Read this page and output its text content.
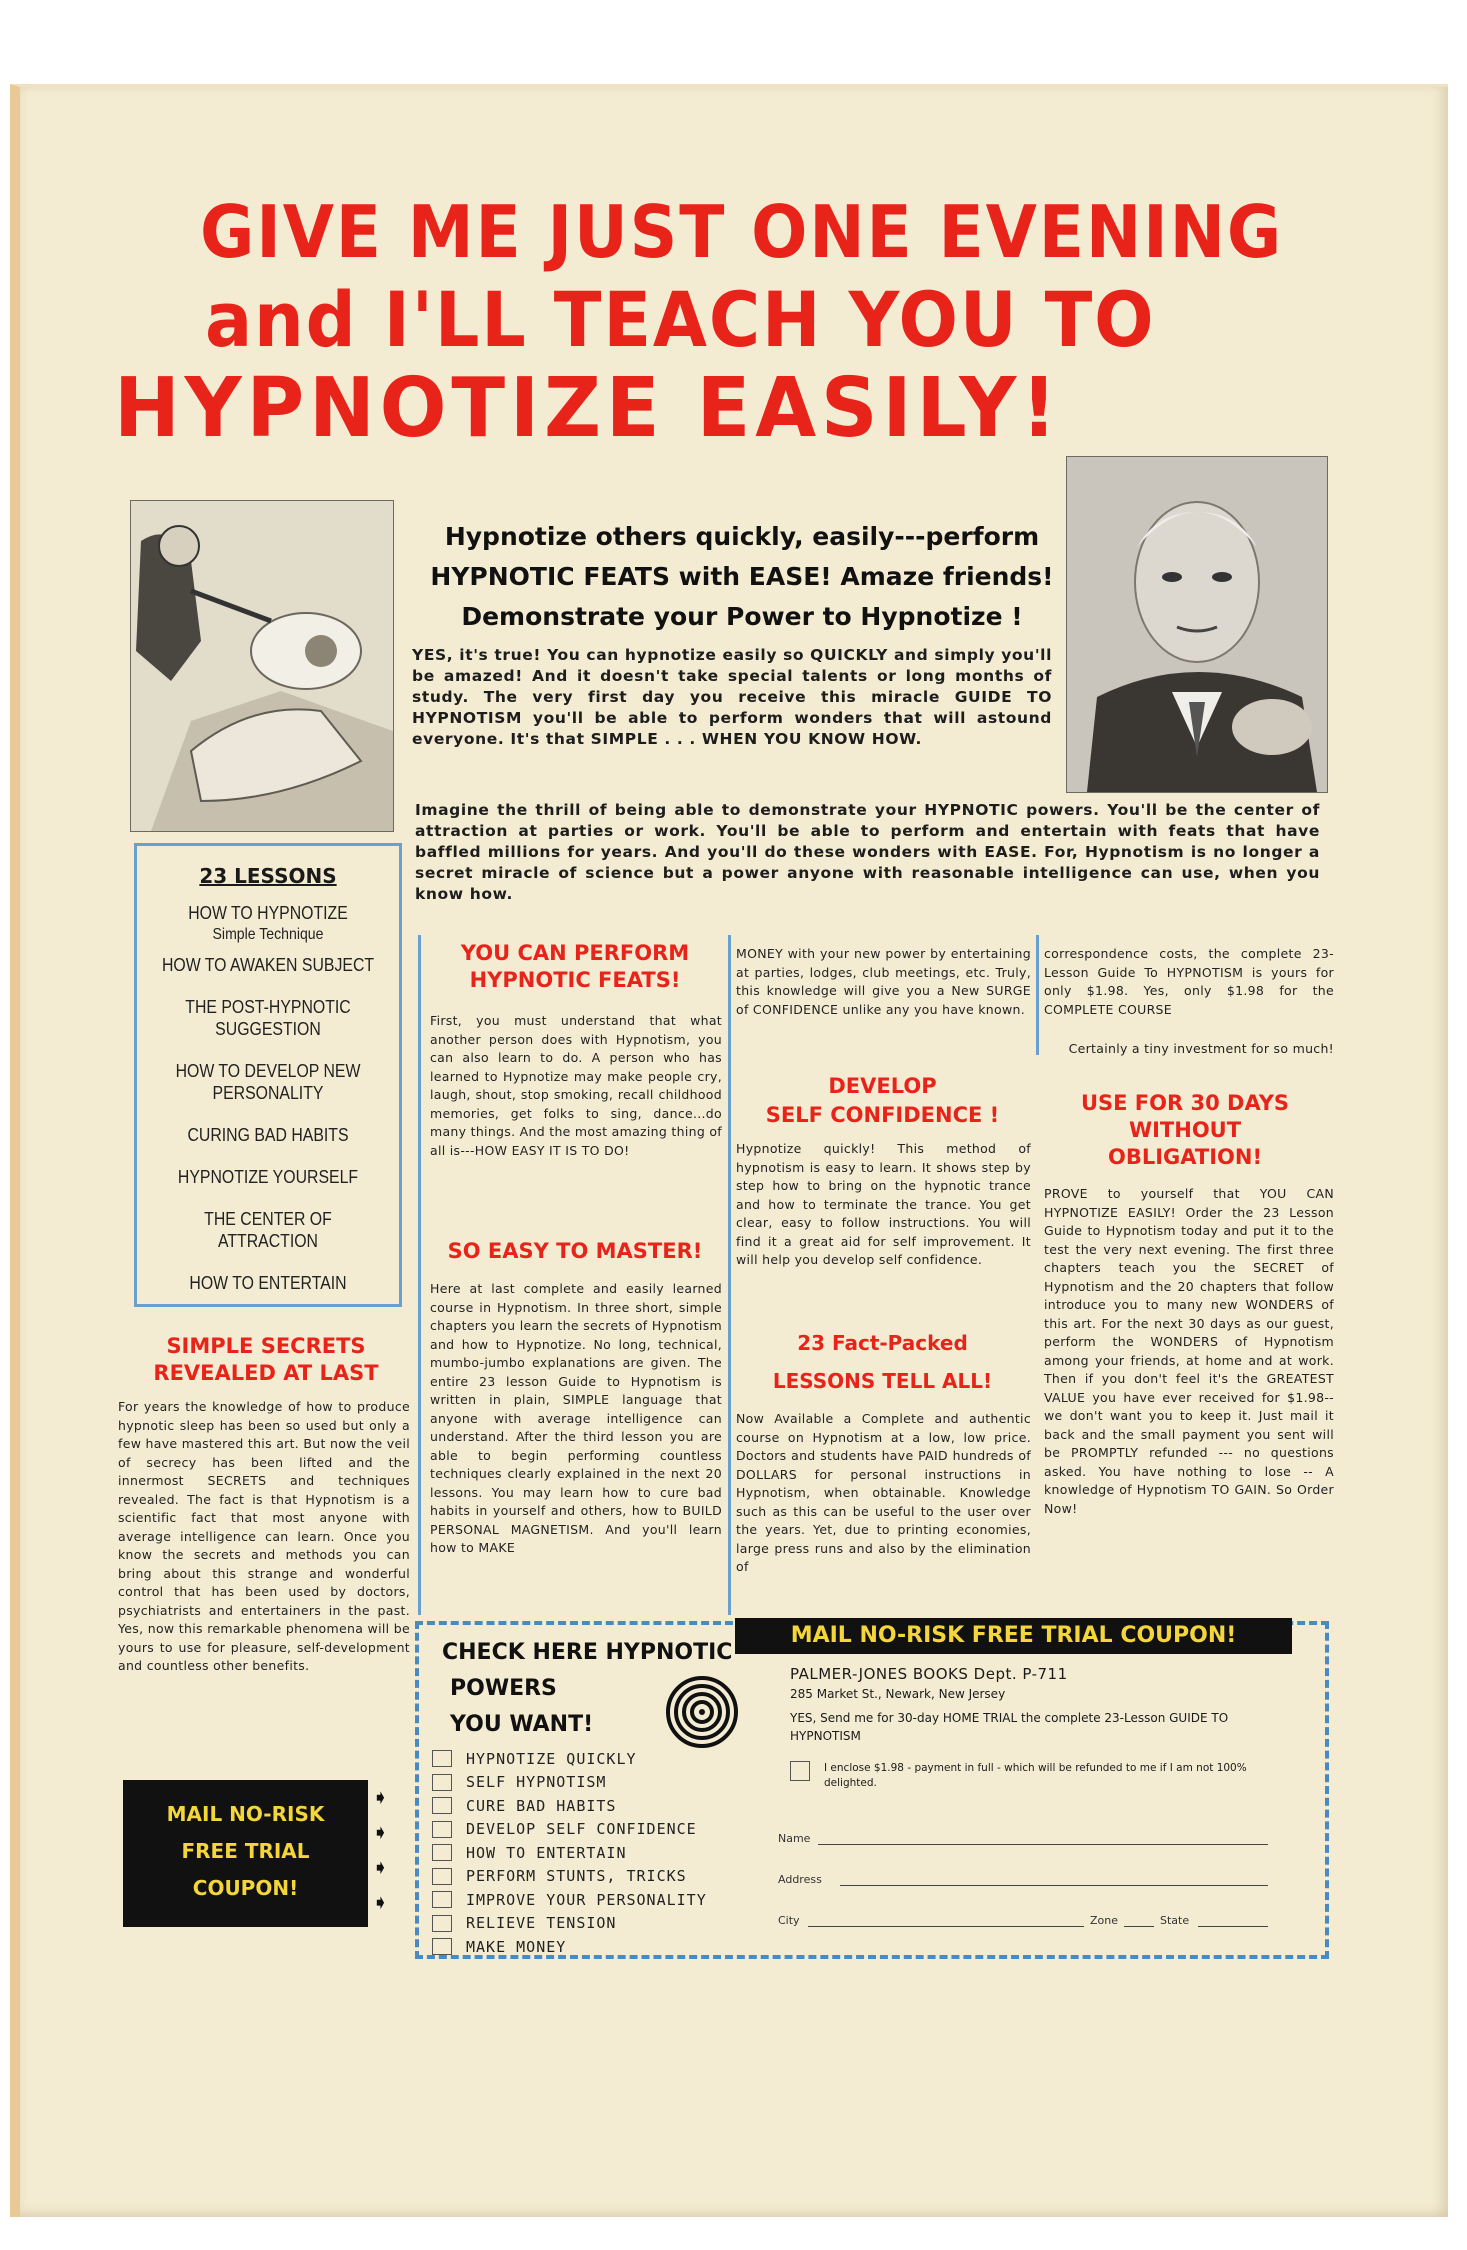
GIVE ME JUST ONE EVENING
and I'LL TEACH YOU TO
HYPNOTIZE EASILY!
Hypnotize others quickly, easily---perform
HYPNOTIC FEATS with EASE! Amaze friends!
Demonstrate your Power to Hypnotize !
YES, it's true! You can hypnotize easily so QUICKLY and simply you'll be amazed! And it doesn't take special talents or long months of study. The very first day you receive this miracle GUIDE TO HYPNOTISM you'll be able to perform wonders that will astound everyone. It's that SIMPLE . . . WHEN YOU KNOW HOW.
Imagine the thrill of being able to demonstrate your HYPNOTIC powers. You'll be the center of attraction at parties or work. You'll be able to perform and entertain with feats that have baffled millions for years. And you'll do these wonders with EASE. For, Hypnotism is no longer a secret miracle of science but a power anyone with reasonable intelligence can use, when you know how.
23 LESSONS
HOW TO HYPNOTIZE
Simple Technique
HOW TO AWAKEN SUBJECT
THE POST-HYPNOTIC
SUGGESTION
HOW TO DEVELOP NEW
PERSONALITY
CURING BAD HABITS
HYPNOTIZE YOURSELF
THE CENTER OF
ATTRACTION
HOW TO ENTERTAIN
SIMPLE SECRETS
REVEALED AT LAST
For years the knowledge of how to produce hypnotic sleep has been so used but only a few have mastered this art. But now the veil of secrecy has been lifted and the innermost SECRETS and techniques revealed. The fact is that Hypnotism is a scientific fact that most anyone with average intelligence can learn. Once you know the secrets and methods you can bring about this strange and wonderful control that has been used by doctors, psychiatrists and entertainers in the past. Yes, now this remarkable phenomena will be yours to use for pleasure, self-development and countless other benefits.
MAIL NO-RISK
FREE TRIAL
COUPON!
➧
➧
➧
➧
YOU CAN PERFORM
HYPNOTIC FEATS!
First, you must understand that what another person does with Hypnotism, you can also learn to do. A person who has learned to Hypnotize may make people cry, laugh, shout, stop smoking, recall childhood memories, get folks to sing, dance...do many things. And the most amazing thing of all is---HOW EASY IT IS TO DO!
SO EASY TO MASTER!
Here at last complete and easily learned course in Hypnotism. In three short, simple chapters you learn the secrets of Hypnotism and how to Hypnotize. No long, technical, mumbo-jumbo explanations are given. The entire 23 lesson Guide to Hypnotism is written in plain, SIMPLE language that anyone with average intelligence can understand. After the third lesson you are able to begin performing countless techniques clearly explained in the next 20 lessons. You may learn how to cure bad habits in yourself and others, how to BUILD PERSONAL MAGNETISM. And you'll learn how to MAKE
MONEY with your new power by entertaining at parties, lodges, club meetings, etc. Truly, this knowledge will give you a New SURGE of CONFIDENCE unlike any you have known.
DEVELOP
SELF CONFIDENCE !
Hypnotize quickly! This method of hypnotism is easy to learn. It shows step by step how to bring on the hypnotic trance and how to terminate the trance. You get clear, easy to follow instructions. You will find it a great aid for self improvement. It will help you develop self confidence.
23 Fact-Packed
LESSONS TELL ALL!
Now Available a Complete and authentic course on Hypnotism at a low, low price. Doctors and students have PAID hundreds of DOLLARS for personal instructions in Hypnotism, when obtainable. Knowledge such as this can be useful to the user over the years. Yet, due to printing economies, large press runs and also by the elimination of
correspondence costs, the complete 23-Lesson Guide To HYPNOTISM is yours for only $1.98. Yes, only $1.98 for the COMPLETE COURSE
Certainly a tiny investment for so much!
USE FOR 30 DAYS
WITHOUT
OBLIGATION!
PROVE to yourself that YOU CAN HYPNOTIZE EASILY! Order the 23 Lesson Guide to Hypnotism today and put it to the test the very next evening. The first three chapters teach you the SECRET of Hypnotism and the 20 chapters that follow introduce you to many new WONDERS of this art. For the next 30 days as our guest, perform the WONDERS of Hypnotism among your friends, at home and at work. Then if you don't feel it's the GREATEST VALUE you have ever received for $1.98--we don't want you to keep it. Just mail it back and the small payment you sent will be PROMPTLY refunded --- no questions asked. You have nothing to lose -- A knowledge of Hypnotism TO GAIN. So Order Now!
MAIL NO-RISK FREE TRIAL COUPON!
CHECK HERE HYPNOTIC
POWERS
YOU WANT!
HYPNOTIZE QUICKLY
SELF HYPNOTISM
CURE BAD HABITS
DEVELOP SELF CONFIDENCE
HOW TO ENTERTAIN
PERFORM STUNTS, TRICKS
IMPROVE YOUR PERSONALITY
RELIEVE TENSION
MAKE MONEY
PALMER-JONES BOOKS Dept. P-711
285 Market St., Newark, New Jersey
YES, Send me for 30-day HOME TRIAL the complete 23-Lesson GUIDE TO HYPNOTISM
I enclose $1.98 - payment in full - which will be refunded to me if I am not 100% delighted.
Name
Address
City	Zone	State
